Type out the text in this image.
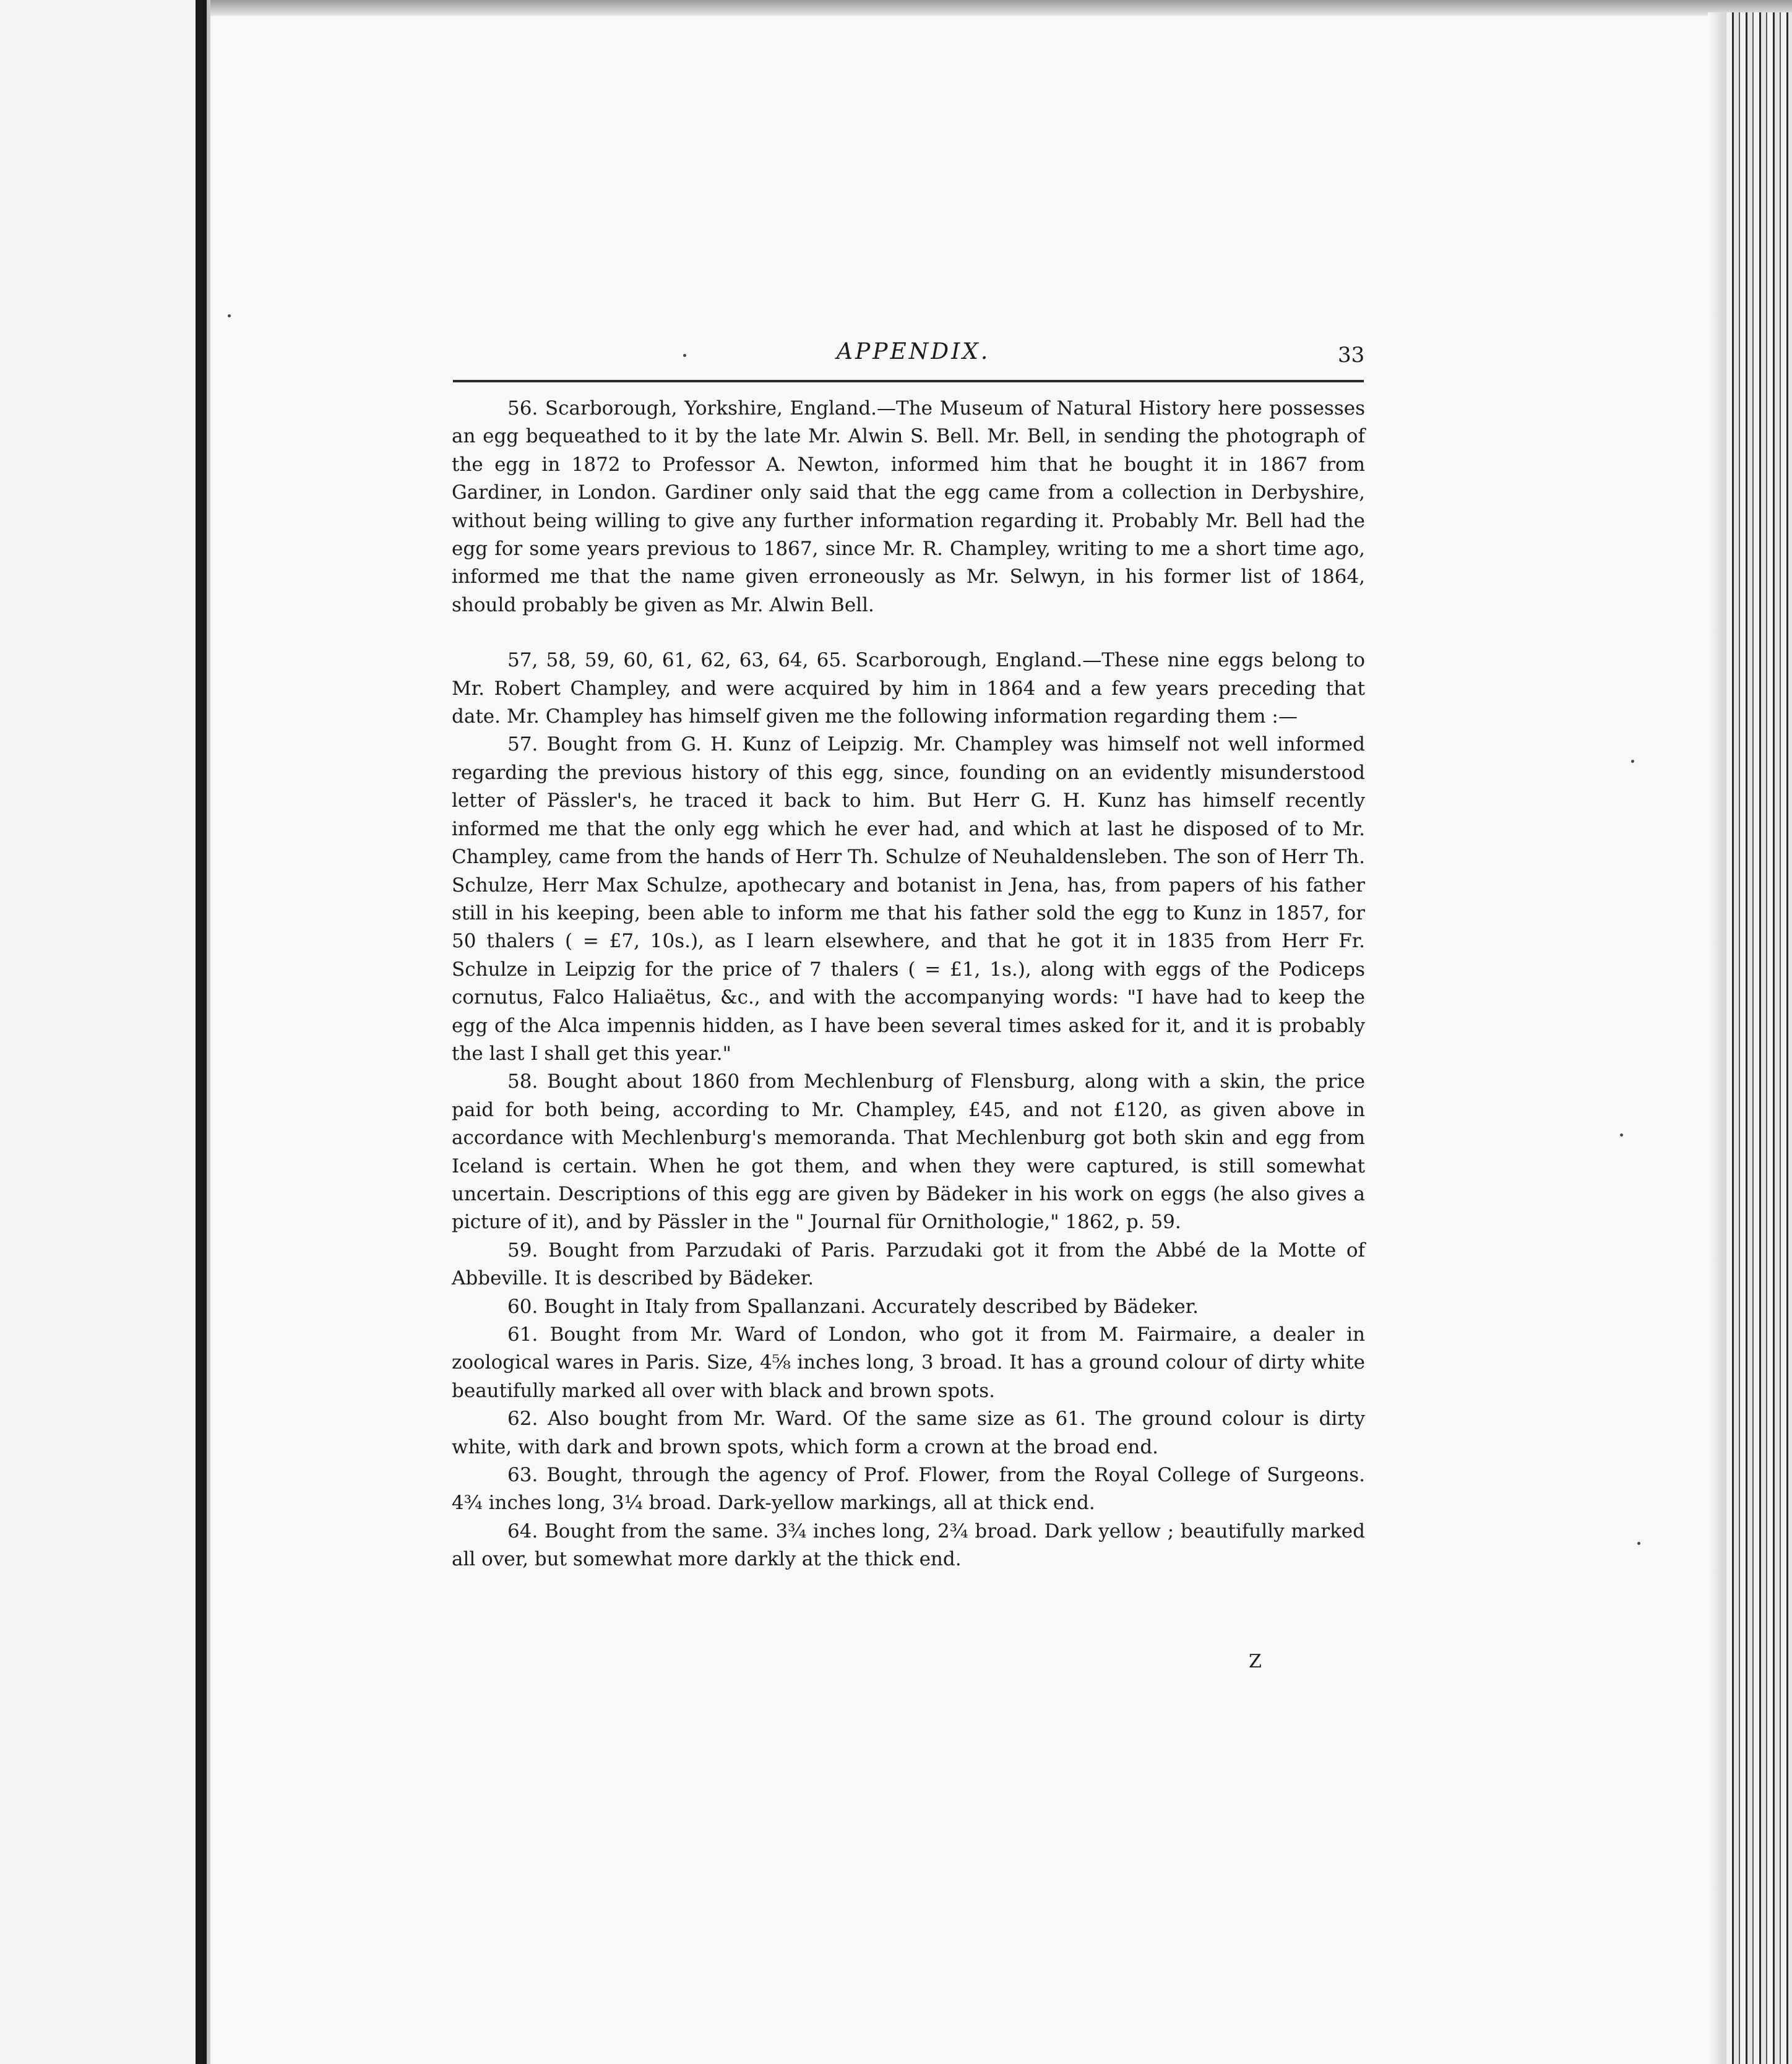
APPENDIX.	33

56. Scarborough, Yorkshire, England.—The Museum of Natural History here possesses an egg bequeathed to it by the late Mr. Alwin S. Bell. Mr. Bell, in sending the photograph of the egg in 1872 to Professor A. Newton, informed him that he bought it in 1867 from Gardiner, in London. Gardiner only said that the egg came from a collection in Derbyshire, without being willing to give any further information regarding it. Probably Mr. Bell had the egg for some years previous to 1867, since Mr. R. Champley, writing to me a short time ago, informed me that the name given erroneously as Mr. Selwyn, in his former list of 1864, should probably be given as Mr. Alwin Bell.

57, 58, 59, 60, 61, 62, 63, 64, 65. Scarborough, England.—These nine eggs belong to Mr. Robert Champley, and were acquired by him in 1864 and a few years preceding that date. Mr. Champley has himself given me the following information regarding them :—

57. Bought from G. H. Kunz of Leipzig. Mr. Champley was himself not well informed regarding the previous history of this egg, since, founding on an evidently misunderstood letter of Pässler's, he traced it back to him. But Herr G. H. Kunz has himself recently informed me that the only egg which he ever had, and which at last he disposed of to Mr. Champley, came from the hands of Herr Th. Schulze of Neuhaldensleben. The son of Herr Th. Schulze, Herr Max Schulze, apothecary and botanist in Jena, has, from papers of his father still in his keeping, been able to inform me that his father sold the egg to Kunz in 1857, for 50 thalers ( = £7, 10s.), as I learn elsewhere, and that he got it in 1835 from Herr Fr. Schulze in Leipzig for the price of 7 thalers ( = £1, 1s.), along with eggs of the Podiceps cornutus, Falco Haliaëtus, &c., and with the accompanying words: "I have had to keep the egg of the Alca impennis hidden, as I have been several times asked for it, and it is probably the last I shall get this year."

58. Bought about 1860 from Mechlenburg of Flensburg, along with a skin, the price paid for both being, according to Mr. Champley, £45, and not £120, as given above in accordance with Mechlenburg's memoranda. That Mechlenburg got both skin and egg from Iceland is certain. When he got them, and when they were captured, is still somewhat uncertain. Descriptions of this egg are given by Bädeker in his work on eggs (he also gives a picture of it), and by Pässler in the " Journal für Ornithologie," 1862, p. 59.

59. Bought from Parzudaki of Paris. Parzudaki got it from the Abbé de la Motte of Abbeville. It is described by Bädeker.

60. Bought in Italy from Spallanzani. Accurately described by Bädeker.

61. Bought from Mr. Ward of London, who got it from M. Fairmaire, a dealer in zoological wares in Paris. Size, 4⅝ inches long, 3 broad. It has a ground colour of dirty white beautifully marked all over with black and brown spots.

62. Also bought from Mr. Ward. Of the same size as 61. The ground colour is dirty white, with dark and brown spots, which form a crown at the broad end.

63. Bought, through the agency of Prof. Flower, from the Royal College of Surgeons. 4¾ inches long, 3¼ broad. Dark-yellow markings, all at thick end.

64. Bought from the same. 3¾ inches long, 2¾ broad. Dark yellow ; beautifully marked all over, but somewhat more darkly at the thick end.

Z
